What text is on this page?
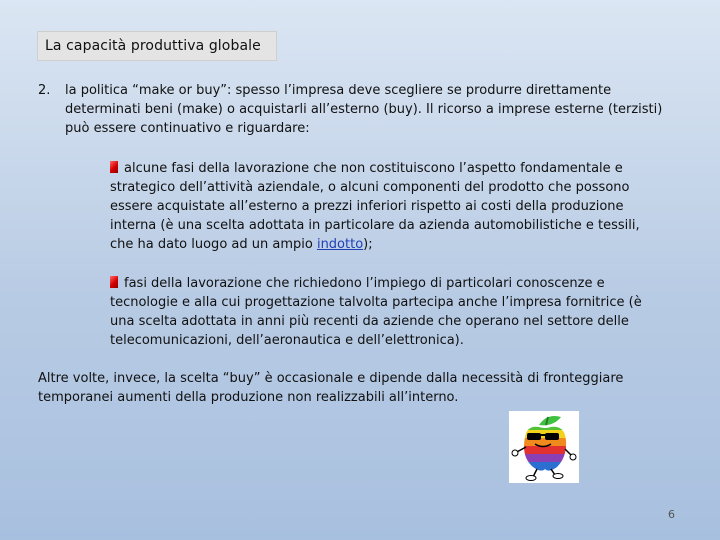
La capacità produttiva globale
2. la politica “make or buy”: spesso l’impresa deve scegliere se produrre direttamente determinati beni (make) o acquistarli all’esterno (buy). Il ricorso a imprese esterne (terzisti) può essere continuativo e riguardare:
alcune fasi della lavorazione che non costituiscono l’aspetto fondamentale e strategico dell’attività aziendale, o alcuni componenti del prodotto che possono essere acquistate all’esterno a prezzi inferiori rispetto ai costi della produzione interna (è una scelta adottata in particolare da azienda automobilistiche e tessili, che ha dato luogo ad un ampio indotto);
fasi della lavorazione che richiedono l’impiego di particolari conoscenze e tecnologie e alla cui progettazione talvolta partecipa anche l’impresa fornitrice (è una scelta adottata in anni più recenti da aziende che operano nel settore delle telecomunicazioni, dell’aeronautica e dell’elettronica).
Altre volte, invece, la scelta “buy” è occasionale e dipende dalla necessità di fronteggiare temporanei aumenti della produzione non realizzabili all’interno.
6
